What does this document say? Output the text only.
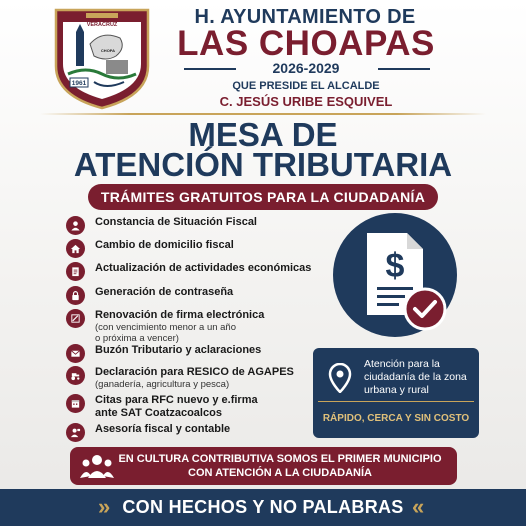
VERACRUZ
CHOPA
1961
H. AYUNTAMIENTO DE
LAS CHOAPAS
2026-2029
QUE PRESIDE EL ALCALDE
C. JESÚS URIBE ESQUIVEL
MESA DE
ATENCIÓN TRIBUTARIA
TRÁMITES GRATUITOS PARA LA CIUDADANÍA
Constancia de Situación Fiscal
Cambio de domicilio fiscal
Actualización de actividades económicas
Generación de contraseña
Renovación de firma electrónica
(con vencimiento menor a un año
o próxima a vencer)
Buzón Tributario y aclaraciones
Declaración para RESICO de AGAPES
(ganadería, agricultura y pesca)
Citas para RFC nuevo y e.firma
ante SAT Coatzacoalcos
Asesoría fiscal y contable
$
Atención para la ciudadanía de la zona urbana y rural
RÁPIDO, CERCA Y SIN COSTO
EN CULTURA CONTRIBUTIVA SOMOS EL PRIMER MUNICIPIO
CON ATENCIÓN A LA CIUDADANÍA
» CON HECHOS Y NO PALABRAS «
